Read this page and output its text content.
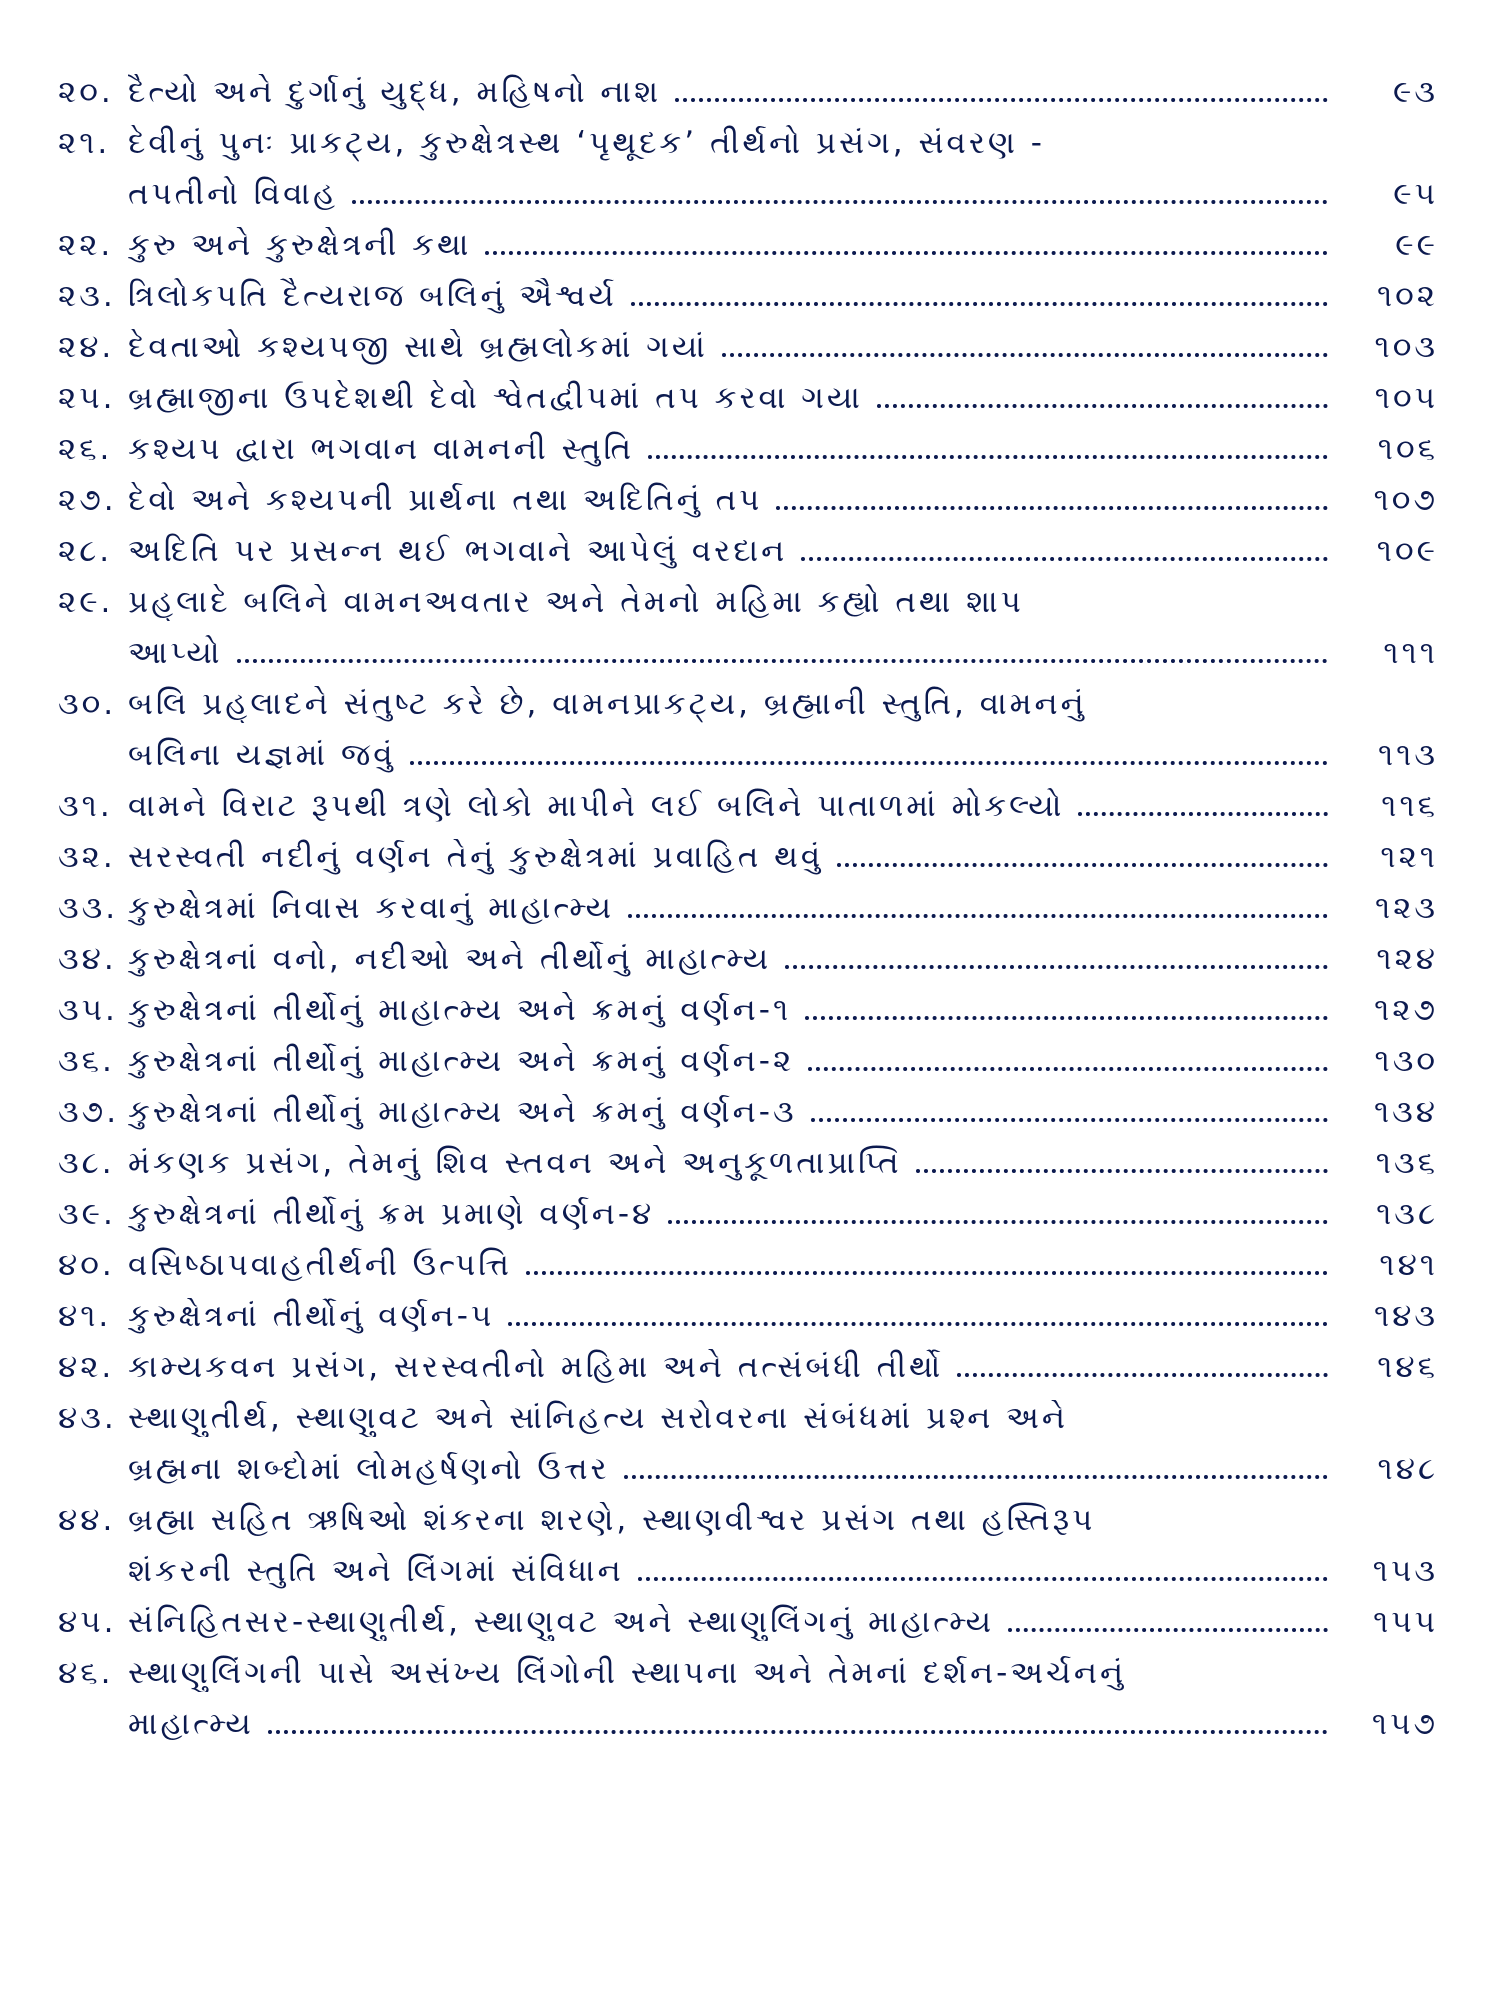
૨૦. દૈત્યો અને દુર્ગાનું યુદ્ધ, મહિષનો નાશ	૯૩
૨૧. દેવીનું પુનઃ પ્રાકટ્ય, કુરુક્ષેત્રસ્થ ‘પૃથૂદક’ તીર્થનો પ્રસંગ, સંવરણ -
તપતીનો વિવાહ	૯૫
૨૨. કુરુ અને કુરુક્ષેત્રની કથા	૯૯
૨૩. ત્રિલોકપતિ દૈત્યરાજ બલિનું ઐશ્વર્ય	૧૦૨
૨૪. દેવતાઓ કશ્યપજી સાથે બ્રહ્મલોકમાં ગયાં	૧૦૩
૨૫. બ્રહ્માજીના ઉપદેશથી દેવો શ્વેતદ્વીપમાં તપ કરવા ગયા	૧૦૫
૨૬. કશ્યપ દ્વારા ભગવાન વામનની સ્તુતિ	૧૦૬
૨૭. દેવો અને કશ્યપની પ્રાર્થના તથા અદિતિનું તપ	૧૦૭
૨૮. અદિતિ પર પ્રસન્ન થઈ ભગવાને આપેલું વરદાન	૧૦૯
૨૯. પ્રહ્‌લાદે બલિને વામનઅવતાર અને તેમનો મહિમા કહ્યો તથા શાપ
આપ્યો	૧૧૧
૩૦. બલિ પ્રહ્‌લાદને સંતુષ્ટ કરે છે, વામનપ્રાકટ્ય, બ્રહ્માની સ્તુતિ, વામનનું
બલિના યજ્ઞમાં જવું	૧૧૩
૩૧. વામને વિરાટ રૂપથી ત્રણે લોકો માપીને લઈ બલિને પાતાળમાં મોકલ્યો	૧૧૬
૩૨. સરસ્વતી નદીનું વર્ણન તેનું કુરુક્ષેત્રમાં પ્રવાહિત થવું	૧૨૧
૩૩. કુરુક્ષેત્રમાં નિવાસ કરવાનું માહાત્મ્ય	૧૨૩
૩૪. કુરુક્ષેત્રનાં વનો, નદીઓ અને તીર્થોનું માહાત્મ્ય	૧૨૪
૩૫. કુરુક્ષેત્રનાં તીર્થોનું માહાત્મ્ય અને ક્રમનું વર્ણન-૧	૧૨૭
૩૬. કુરુક્ષેત્રનાં તીર્થોનું માહાત્મ્ય અને ક્રમનું વર્ણન-૨	૧૩૦
૩૭. કુરુક્ષેત્રનાં તીર્થોનું માહાત્મ્ય અને ક્રમનું વર્ણન-૩	૧૩૪
૩૮. મંકણક પ્રસંગ, તેમનું શિવ સ્તવન અને અનુકૂળતાપ્રાપ્તિ	૧૩૬
૩૯. કુરુક્ષેત્રનાં તીર્થોનું ક્રમ પ્રમાણે વર્ણન-૪	૧૩૮
૪૦. વસિષ્ઠાપવાહતીર્થની ઉત્પત્તિ	૧૪૧
૪૧. કુરુક્ષેત્રનાં તીર્થોનું વર્ણન-૫	૧૪૩
૪૨. કામ્યકવન પ્રસંગ, સરસ્વતીનો મહિમા અને તત્સંબંધી તીર્થો	૧૪૬
૪૩. સ્થાણુતીર્થ, સ્થાણુવટ અને સાંનિહત્ય સરોવરના સંબંધમાં પ્રશ્ન અને
બ્રહ્મના શબ્દોમાં લોમહર્ષણનો ઉત્તર	૧૪૮
૪૪. બ્રહ્મા સહિત ઋષિઓ શંકરના શરણે, સ્થાણવીશ્વર પ્રસંગ તથા હસ્તિરૂપ
શંકરની સ્તુતિ અને લિંગમાં સંવિધાન	૧૫૩
૪૫. સંનિહિતસર-સ્થાણુતીર્થ, સ્થાણુવટ અને સ્થાણુલિંગનું માહાત્મ્ય	૧૫૫
૪૬. સ્થાણુલિંગની પાસે અસંખ્ય લિંગોની સ્થાપના અને તેમનાં દર્શન-અર્ચનનું
માહાત્મ્ય	૧૫૭
